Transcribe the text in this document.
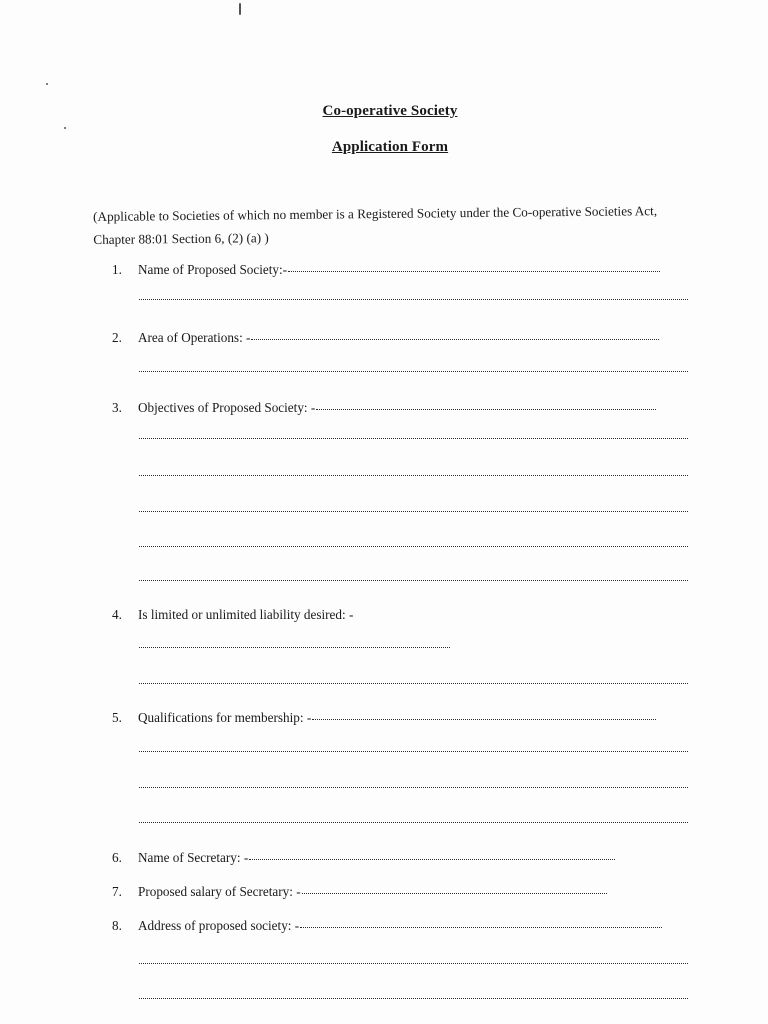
Co-operative Society
Application Form
(Applicable to Societies of which no member is a Registered Society under the Co-operative Societies Act, Chapter 88:01 Section 6, (2) (a) )
1.	Name of Proposed Society:-
2.	Area of Operations: -
3.	Objectives of Proposed Society: -
4.	Is limited or unlimited liability desired: -
5.	Qualifications for membership: -
6.	Name of Secretary: -
7.	Proposed salary of Secretary: -
8.	Address of proposed society: -
